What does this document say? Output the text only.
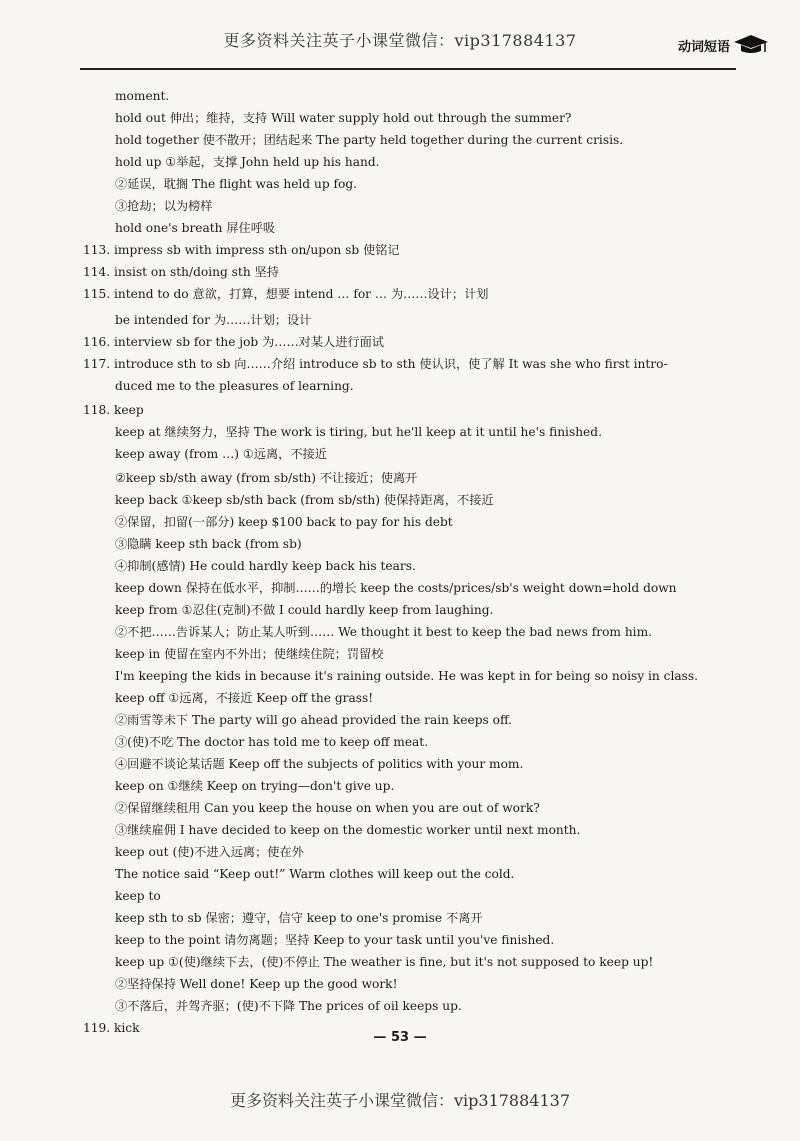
更多资料关注英子小课堂微信：vip317884137	动词短语
moment.
hold out 伸出；维持，支持 Will water supply hold out through the summer?
hold together 使不散开；团结起来 The party held together during the current crisis.
hold up ①举起，支撑 John held up his hand.
②延误，耽搁 The flight was held up fog.
③抢劫；以为榜样
hold one's breath 屏住呼吸
113. impress sb with impress sth on/upon sb 使铭记
114. insist on sth/doing sth 坚持
115. intend to do 意欲，打算，想要 intend … for … 为……设计；计划
be intended for 为……计划；设计
116. interview sb for the job 为……对某人进行面试
117. introduce sth to sb 向……介绍 introduce sb to sth 使认识，使了解 It was she who first intro-
duced me to the pleasures of learning.
118. keep
keep at 继续努力，坚持 The work is tiring, but he'll keep at it until he's finished.
keep away (from …) ①远离，不接近
②keep sb/sth away (from sb/sth) 不让接近；使离开
keep back ①keep sb/sth back (from sb/sth) 使保持距离，不接近
②保留，扣留(一部分) keep $100 back to pay for his debt
③隐瞒 keep sth back (from sb)
④抑制(感情) He could hardly keep back his tears.
keep down 保持在低水平，抑制……的增长 keep the costs/prices/sb's weight down=hold down
keep from ①忍住(克制)不做 I could hardly keep from laughing.
②不把……告诉某人；防止某人听到…… We thought it best to keep the bad news from him.
keep in 使留在室内不外出；使继续住院；罚留校
I'm keeping the kids in because it's raining outside. He was kept in for being so noisy in class.
keep off ①远离，不接近 Keep off the grass!
②雨雪等未下 The party will go ahead provided the rain keeps off.
③(使)不吃 The doctor has told me to keep off meat.
④回避不谈论某话题 Keep off the subjects of politics with your mom.
keep on ①继续 Keep on trying—don't give up.
②保留继续租用 Can you keep the house on when you are out of work?
③继续雇佣 I have decided to keep on the domestic worker until next month.
keep out (使)不进入远离；使在外
The notice said “Keep out!” Warm clothes will keep out the cold.
keep to
keep sth to sb 保密；遵守，信守 keep to one's promise 不离开
keep to the point 请勿离题；坚持 Keep to your task until you've finished.
keep up ①(使)继续下去，(使)不停止 The weather is fine, but it's not supposed to keep up!
②坚持保持 Well done! Keep up the good work!
③不落后，并驾齐驱；(使)不下降 The prices of oil keeps up.
119. kick
— 53 —
更多资料关注英子小课堂微信：vip317884137
